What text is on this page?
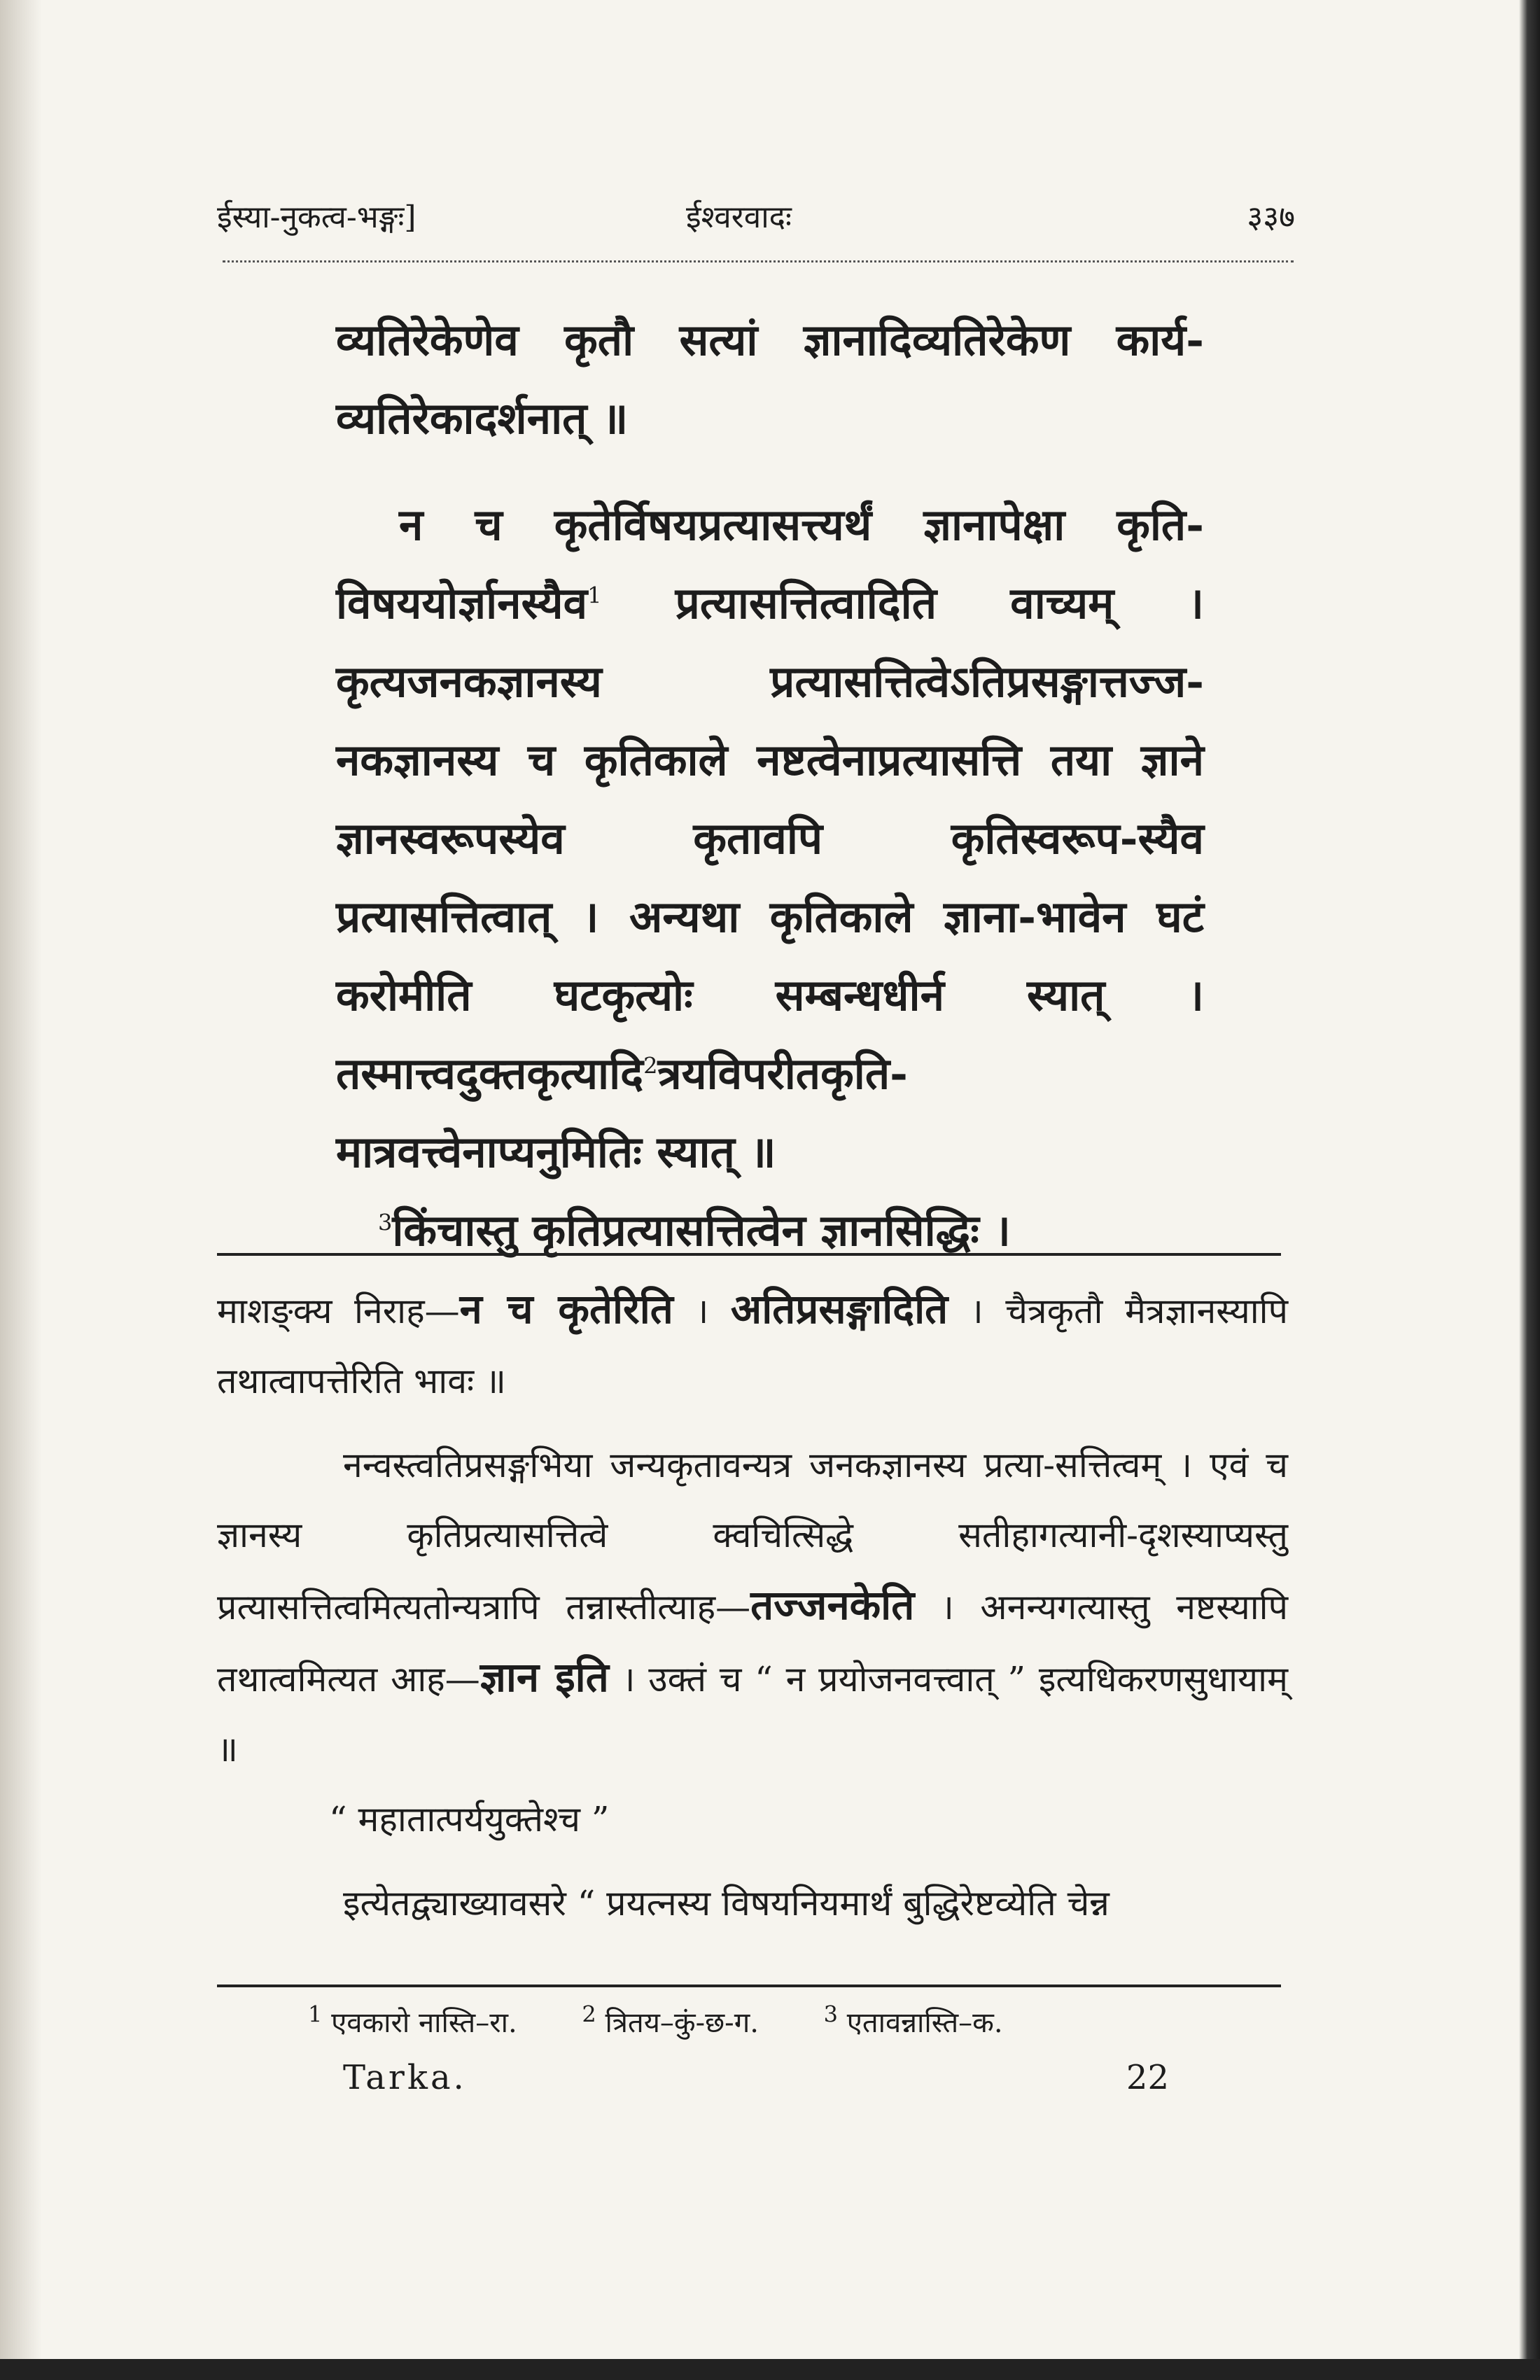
ईस्या-नुकत्व-भङ्गः]	ईश्वरवादः	३३७

व्यतिरेकेणेव कृतौ सत्यां ज्ञानादिव्यतिरेकेण कार्य-व्यतिरेकादर्शनात् ॥

न च कृतेर्विषयप्रत्यासत्त्यर्थं ज्ञानापेक्षा कृति-विषययोर्ज्ञानस्यैव$^1$ प्रत्यासत्तित्वादिति वाच्यम् । कृत्यजनकज्ञानस्य प्रत्यासत्तित्वेऽतिप्रसङ्गात्तज्ज-नकज्ञानस्य च कृतिकाले नष्टत्वेनाप्रत्यासत्ति तया ज्ञाने ज्ञानस्वरूपस्येव कृतावपि कृतिस्वरूप-स्यैव प्रत्यासत्तित्वात् । अन्यथा कृतिकाले ज्ञाना-भावेन घटं करोमीति घटकृत्योः सम्बन्धधीर्न स्यात् । तस्मात्त्वदुक्तकृत्यादि$^2$त्रयविपरीतकृति-मात्रवत्त्वेनाप्यनुमितिः स्यात् ॥

$^3$किंचास्तु कृतिप्रत्यासत्तित्वेन ज्ञानसिद्धिः ।

माशङ्क्य निराह—न च कृतेरिति । अतिप्रसङ्गादिति । चैत्रकृतौ मैत्रज्ञानस्यापि तथात्वापत्तेरिति भावः ॥

नन्वस्त्वतिप्रसङ्गभिया जन्यकृतावन्यत्र जनकज्ञानस्य प्रत्या-सत्तित्वम् । एवं च ज्ञानस्य कृतिप्रत्यासत्तित्वे क्वचित्सिद्धे सतीहागत्यानी-दृशस्याप्यस्तु प्रत्यासत्तित्वमित्यतोन्यत्रापि तन्नास्तीत्याह—तज्जनकेति । अनन्यगत्यास्तु नष्टस्यापि तथात्वमित्यत आह—ज्ञान इति । उक्तं च “ न प्रयोजनवत्त्वात् ” इत्यधिकरणसुधायाम् ॥

“ महातात्पर्ययुक्तेश्च ”

इत्येतद्व्याख्यावसरे “ प्रयत्नस्य विषयनियमार्थं बुद्धिरेष्टव्येति चेन्न

$^1$ एवकारो नास्ति–रा.	$^2$ त्रितय–कुं-छ-ग.	$^3$ एतावन्नास्ति–क.
Tarka.	22
